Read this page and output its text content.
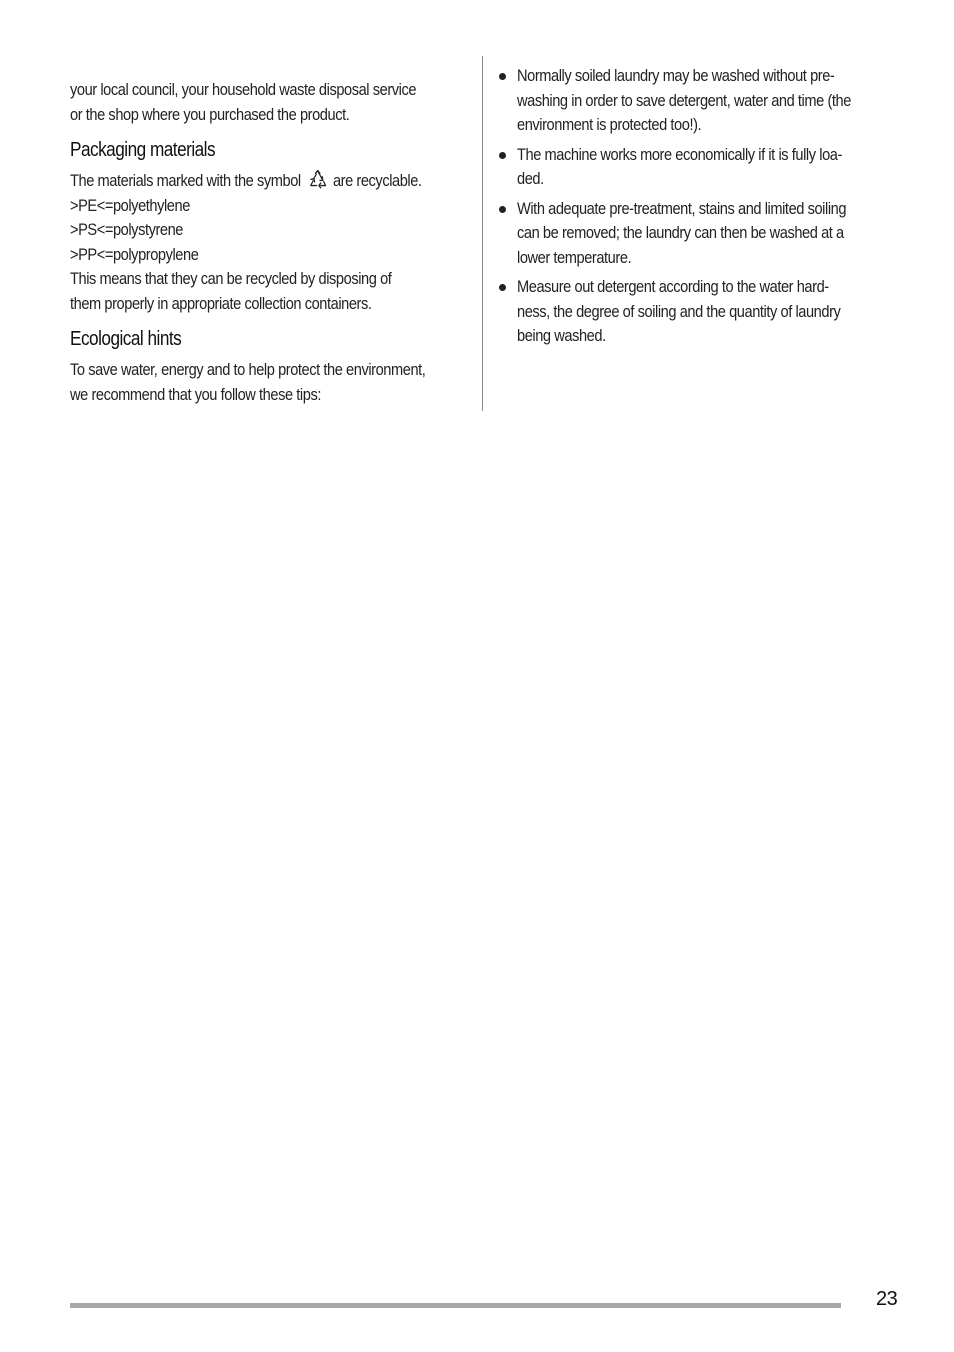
your local council, your household waste disposal service
or the shop where you purchased the product.
Packaging materials
The materials marked with the symbol are recyclable.
>PE<=polyethylene
>PS<=polystyrene
>PP<=polypropylene
This means that they can be recycled by disposing of
them properly in appropriate collection containers.
Ecological hints
To save water, energy and to help protect the environment,
we recommend that you follow these tips:
Normally soiled laundry may be washed without pre-
washing in order to save detergent, water and time (the
environment is protected too!).
The machine works more economically if it is fully loa-
ded.
With adequate pre-treatment, stains and limited soiling
can be removed; the laundry can then be washed at a
lower temperature.
Measure out detergent according to the water hard-
ness, the degree of soiling and the quantity of laundry
being washed.
23
